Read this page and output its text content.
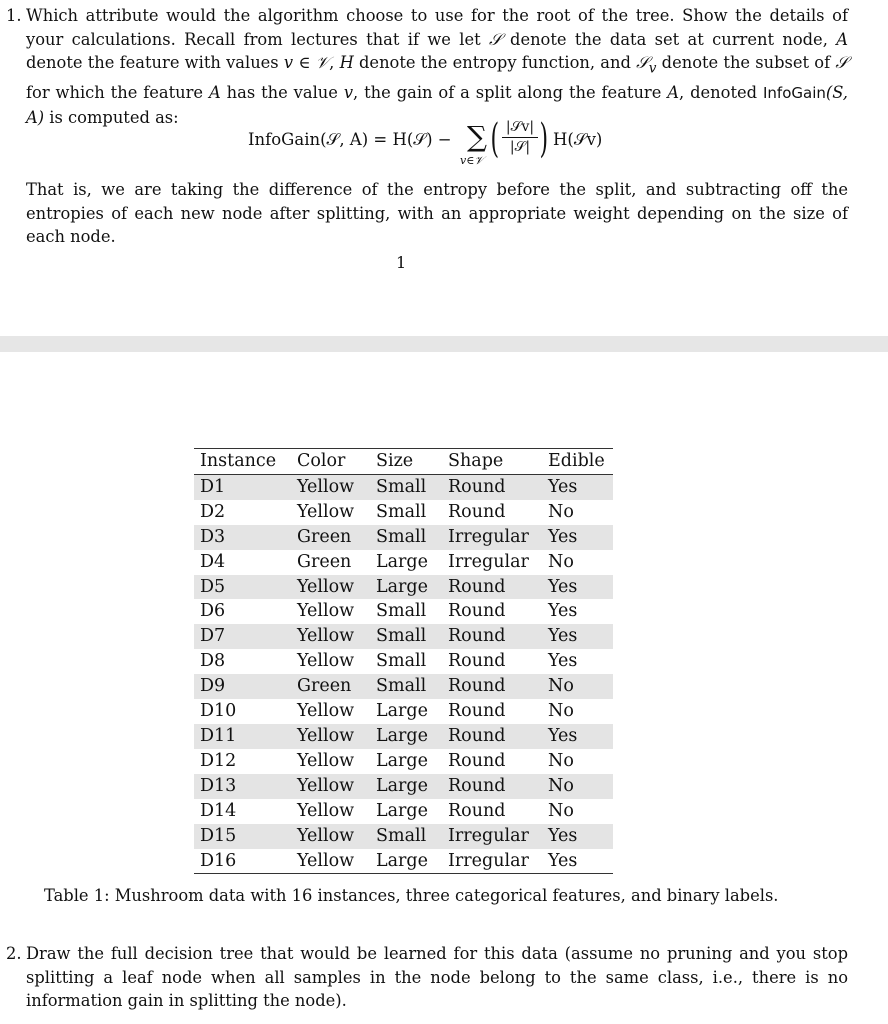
1. Which attribute would the algorithm choose to use for the root of the tree. Show the details of your calculations. Recall from lectures that if we let 𝒮 denote the data set at current node, A denote the feature with values v ∈ 𝒱, H denote the entropy function, and 𝒮$_v$ denote the subset of 𝒮 for which the feature A has the value v, the gain of a split along the feature A, denoted InfoGain(S, A) is computed as:
InfoGain(𝒮, A) = H(𝒮) − ∑
v∈𝒱 ( |𝒮v|
|𝒮| ) H(𝒮v)
That is, we are taking the difference of the entropy before the split, and subtracting off the entropies of each new node after splitting, with an appropriate weight depending on the size of each node.
1
Instance	Color	Size	Shape	Edible
D1	Yellow	Small	Round	Yes
D2	Yellow	Small	Round	No
D3	Green	Small	Irregular	Yes
D4	Green	Large	Irregular	No
D5	Yellow	Large	Round	Yes
D6	Yellow	Small	Round	Yes
D7	Yellow	Small	Round	Yes
D8	Yellow	Small	Round	Yes
D9	Green	Small	Round	No
D10	Yellow	Large	Round	No
D11	Yellow	Large	Round	Yes
D12	Yellow	Large	Round	No
D13	Yellow	Large	Round	No
D14	Yellow	Large	Round	No
D15	Yellow	Small	Irregular	Yes
D16	Yellow	Large	Irregular	Yes
Table 1: Mushroom data with 16 instances, three categorical features, and binary labels.
2. Draw the full decision tree that would be learned for this data (assume no pruning and you stop splitting a leaf node when all samples in the node belong to the same class, i.e., there is no information gain in splitting the node).
